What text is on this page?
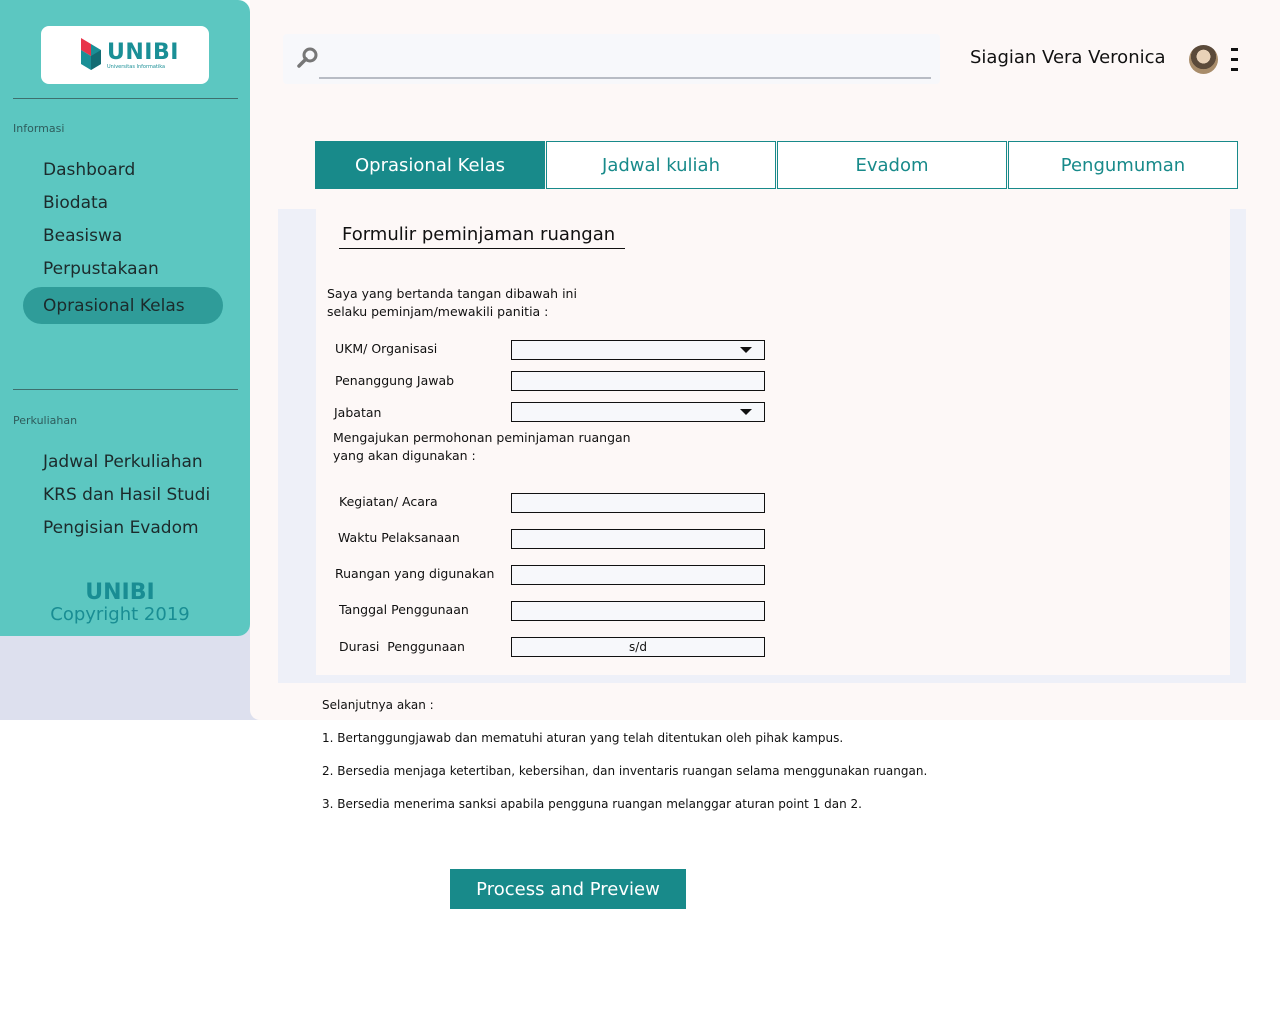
UNIBI
Universitas Informatika
Informasi
Dashboard
Biodata
Beasiswa
Perpustakaan
Oprasional Kelas
Perkuliahan
Jadwal Perkuliahan
KRS dan Hasil Studi
Pengisian Evadom
UNIBI
Copyright 2019
Siagian Vera Veronica
Oprasional Kelas	Jadwal kuliah	Evadom	Pengumuman
Formulir peminjaman ruangan
Saya yang bertanda tangan dibawah ini
selaku peminjam/mewakili panitia :
UKM/ Organisasi
Penanggung Jawab
Jabatan
Mengajukan permohonan peminjaman ruangan
yang akan digunakan :
Kegiatan/ Acara
Waktu Pelaksanaan
Ruangan yang digunakan
Tanggal Penggunaan
Durasi  Penggunaan	s/d
Selanjutnya akan :
1. Bertanggungjawab dan mematuhi aturan yang telah ditentukan oleh pihak kampus.
2. Bersedia menjaga ketertiban, kebersihan, dan inventaris ruangan selama menggunakan ruangan.
3. Bersedia menerima sanksi apabila pengguna ruangan melanggar aturan point 1 dan 2.
Process and Preview
